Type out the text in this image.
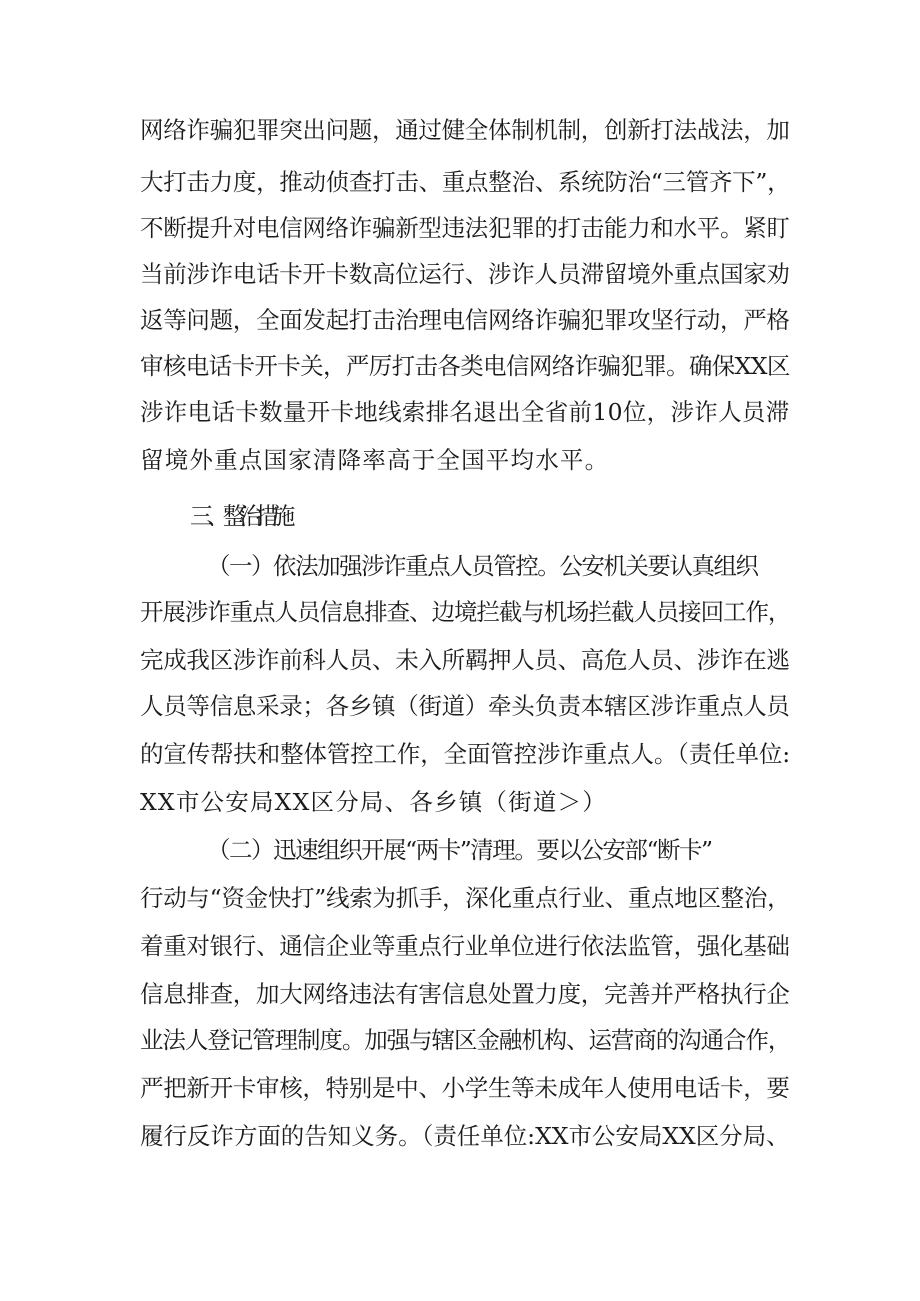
网络诈骗犯罪突出问题，通过健全体制机制，创新打法战法，加
大打击力度，推动侦查打击、重点整治、系统防治“三管齐下”，
不断提升对电信网络诈骗新型违法犯罪的打击能力和水平。紧盯
当前涉诈电话卡开卡数高位运行、涉诈人员滞留境外重点国家劝
返等问题，全面发起打击治理电信网络诈骗犯罪攻坚行动，严格
审核电话卡开卡关，严厉打击各类电信网络诈骗犯罪。确保XX区
涉诈电话卡数量开卡地线索排名退出全省前10位，涉诈人员滞
留境外重点国家清降率高于全国平均水平。
三、整治措施
（一）依法加强涉诈重点人员管控。公安机关要认真组织
开展涉诈重点人员信息排查、边境拦截与机场拦截人员接回工作，
完成我区涉诈前科人员、未入所羁押人员、高危人员、涉诈在逃
人员等信息采录；各乡镇（街道）牵头负责本辖区涉诈重点人员
的宣传帮扶和整体管控工作，全面管控涉诈重点人。（责任单位:
XX市公安局XX区分局、各乡镇（街道＞）
（二）迅速组织开展“两卡”清理。要以公安部“断卡”
行动与“资金快打”线索为抓手，深化重点行业、重点地区整治，
着重对银行、通信企业等重点行业单位进行依法监管，强化基础
信息排查，加大网络违法有害信息处置力度，完善并严格执行企
业法人登记管理制度。加强与辖区金融机构、运营商的沟通合作，
严把新开卡审核，特别是中、小学生等未成年人使用电话卡，要
履行反诈方面的告知义务。（责任单位:XX市公安局XX区分局、
